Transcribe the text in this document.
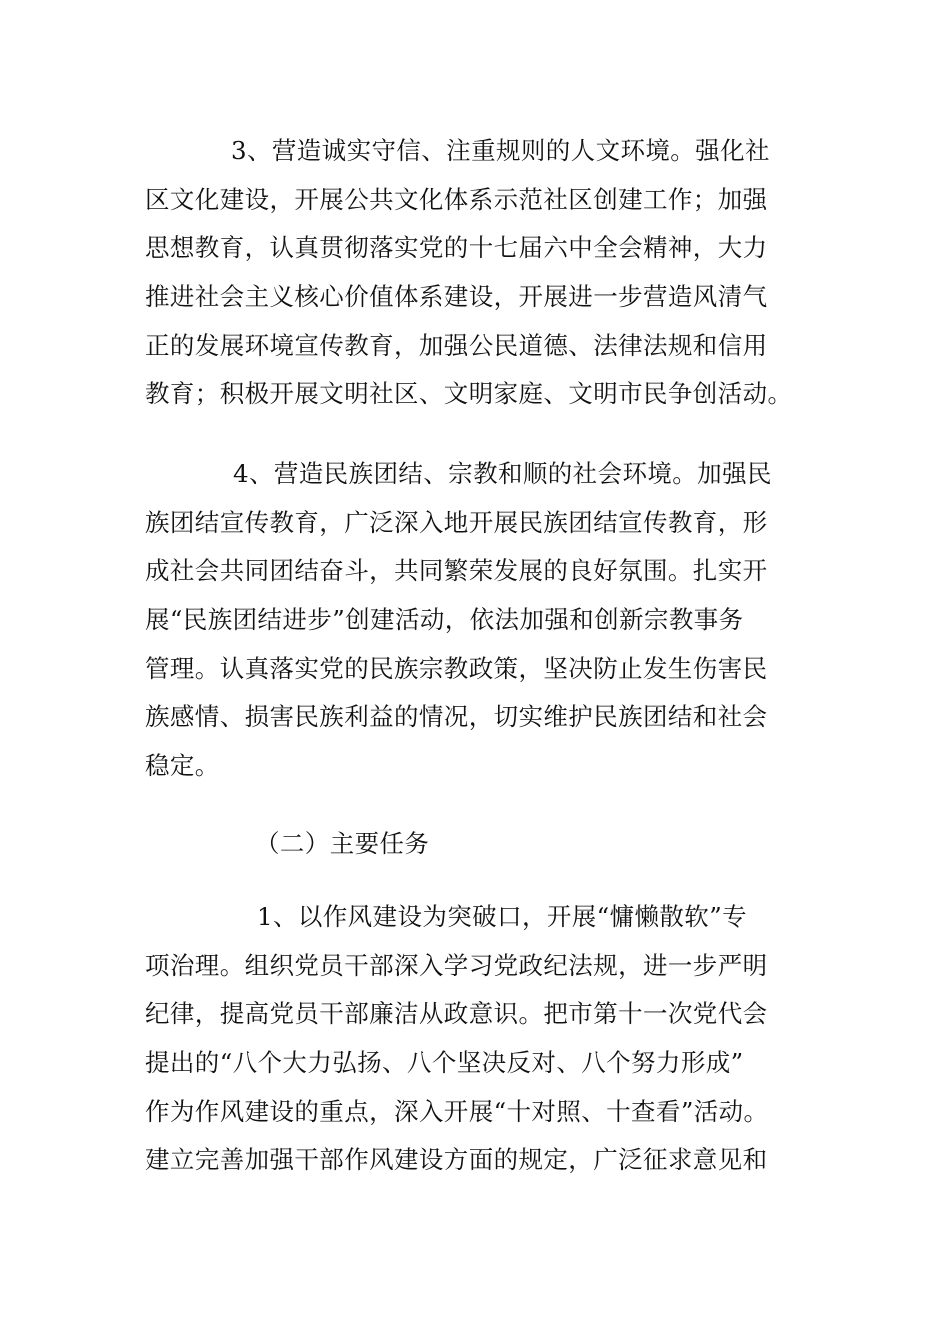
3、营造诚实守信、注重规则的人文环境。强化社
区文化建设，开展公共文化体系示范社区创建工作；加强
思想教育，认真贯彻落实党的十七届六中全会精神，大力
推进社会主义核心价值体系建设，开展进一步营造风清气
正的发展环境宣传教育，加强公民道德、法律法规和信用
教育；积极开展文明社区、文明家庭、文明市民争创活动。
4、营造民族团结、宗教和顺的社会环境。加强民
族团结宣传教育，广泛深入地开展民族团结宣传教育，形
成社会共同团结奋斗，共同繁荣发展的良好氛围。扎实开
展“民族团结进步”创建活动，依法加强和创新宗教事务
管理。认真落实党的民族宗教政策，坚决防止发生伤害民
族感情、损害民族利益的情况，切实维护民族团结和社会
稳定。
（二）主要任务
1、以作风建设为突破口，开展“慵懒散软”专
项治理。组织党员干部深入学习党政纪法规，进一步严明
纪律，提高党员干部廉洁从政意识。把市第十一次党代会
提出的“八个大力弘扬、八个坚决反对、八个努力形成”
作为作风建设的重点，深入开展“十对照、十查看”活动。
建立完善加强干部作风建设方面的规定，广泛征求意见和
